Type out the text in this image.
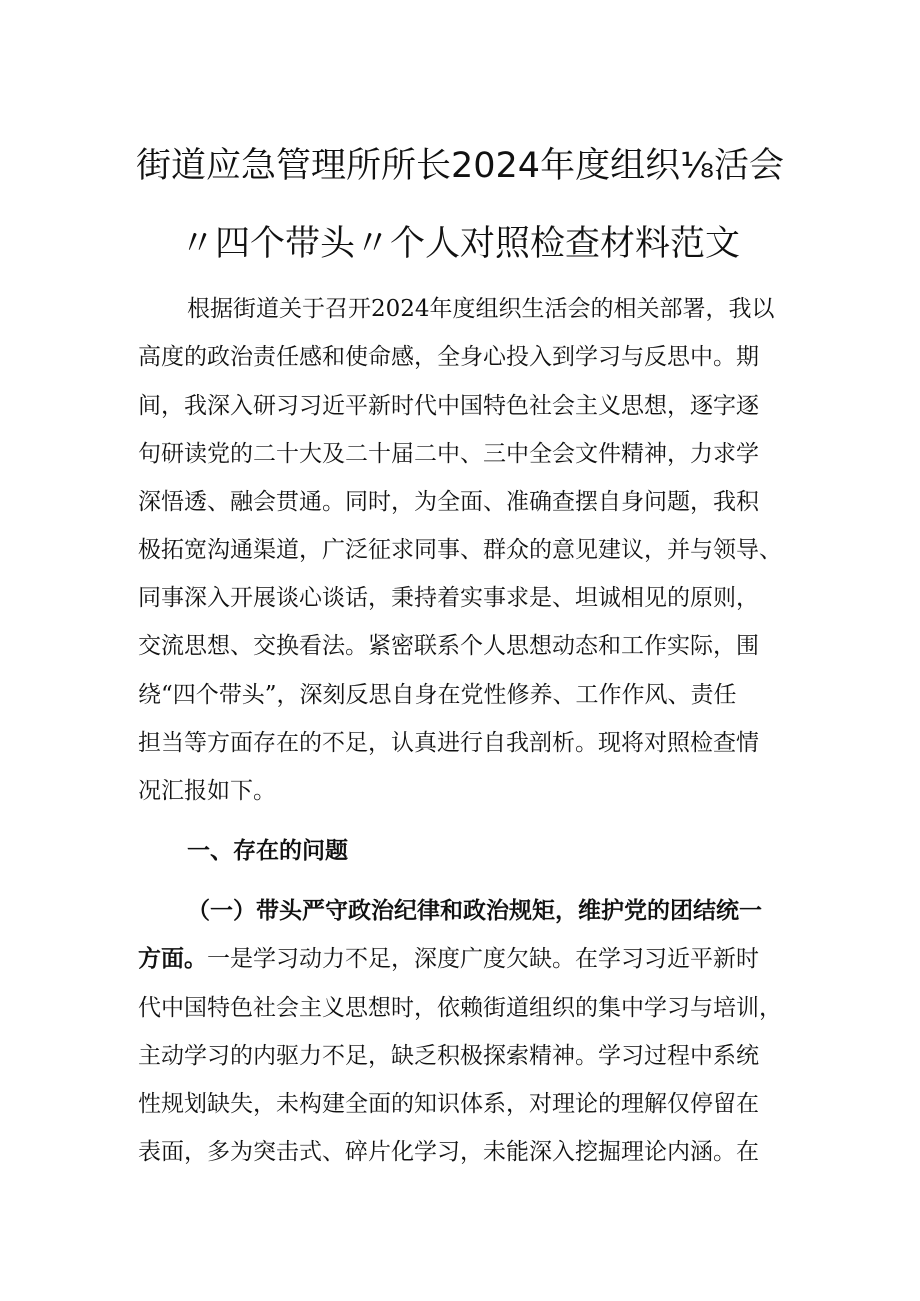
街道应急管理所所长2024年度组织⅛活会
〃四个带头〃个人对照检查材料范文
根据街道关于召开2024年度组织生活会的相关部署，我以
高度的政治责任感和使命感，全身心投入到学习与反思中。期
间，我深入研习习近平新时代中国特色社会主义思想，逐字逐
句研读党的二十大及二十届二中、三中全会文件精神，力求学
深悟透、融会贯通。同时，为全面、准确查摆自身问题，我积
极拓宽沟通渠道，广泛征求同事、群众的意见建议，并与领导、
同事深入开展谈心谈话，秉持着实事求是、坦诚相见的原则，
交流思想、交换看法。紧密联系个人思想动态和工作实际，围
绕“四个带头”，深刻反思自身在党性修养、工作作风、责任
担当等方面存在的不足，认真进行自我剖析。现将对照检查情
况汇报如下。
一、存在的问题
（一）带头严守政治纪律和政治规矩，维护党的团结统一
方面。一是学习动力不足，深度广度欠缺。在学习习近平新时
代中国特色社会主义思想时，依赖街道组织的集中学习与培训，
主动学习的内驱力不足，缺乏积极探索精神。学习过程中系统
性规划缺失，未构建全面的知识体系，对理论的理解仅停留在
表面，多为突击式、碎片化学习，未能深入挖掘理论内涵。在
